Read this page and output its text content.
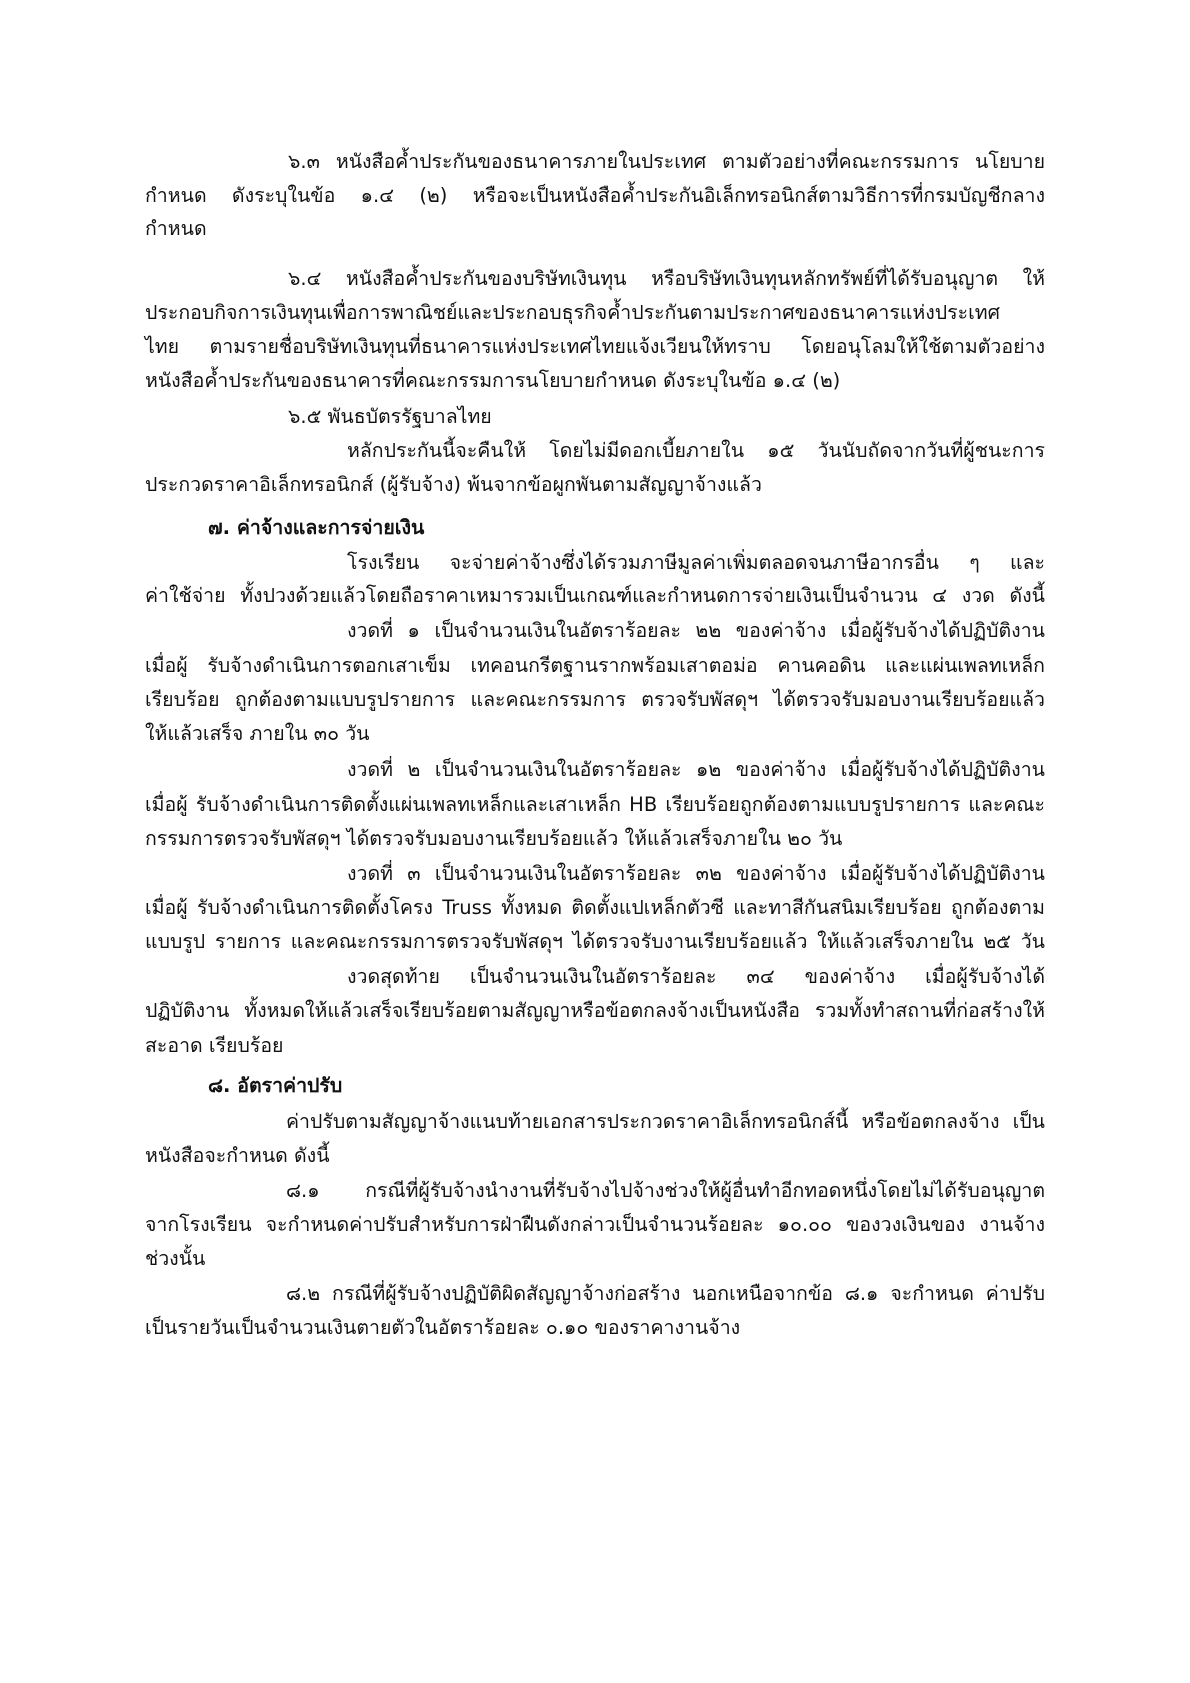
๖.๓ หนังสือค้ำประกันของธนาคารภายในประเทศ ตามตัวอย่างที่คณะกรรมการ นโยบาย

กำหนด ดังระบุในข้อ ๑.๔ (๒) หรือจะเป็นหนังสือค้ำประกันอิเล็กทรอนิกส์ตามวิธีการที่กรมบัญชีกลาง

กำหนด

๖.๔ หนังสือค้ำประกันของบริษัทเงินทุน หรือบริษัทเงินทุนหลักทรัพย์ที่ได้รับอนุญาต ให้

ประกอบกิจการเงินทุนเพื่อการพาณิชย์และประกอบธุรกิจค้ำประกันตามประกาศของธนาคารแห่งประเทศ

ไทย ตามรายชื่อบริษัทเงินทุนที่ธนาคารแห่งประเทศไทยแจ้งเวียนให้ทราบ โดยอนุโลมให้ใช้ตามตัวอย่าง

หนังสือค้ำประกันของธนาคารที่คณะกรรมการนโยบายกำหนด ดังระบุในข้อ ๑.๔ (๒)

๖.๕ พันธบัตรรัฐบาลไทย

หลักประกันนี้จะคืนให้ โดยไม่มีดอกเบี้ยภายใน ๑๕ วันนับถัดจากวันที่ผู้ชนะการ

ประกวดราคาอิเล็กทรอนิกส์ (ผู้รับจ้าง) พ้นจากข้อผูกพันตามสัญญาจ้างแล้ว

๗. ค่าจ้างและการจ่ายเงิน

โรงเรียน จะจ่ายค่าจ้างซึ่งได้รวมภาษีมูลค่าเพิ่มตลอดจนภาษีอากรอื่น ๆ และ

ค่าใช้จ่าย ทั้งปวงด้วยแล้วโดยถือราคาเหมารวมเป็นเกณฑ์และกำหนดการจ่ายเงินเป็นจำนวน ๔ งวด ดังนี้

งวดที่ ๑ เป็นจำนวนเงินในอัตราร้อยละ ๒๒ ของค่าจ้าง เมื่อผู้รับจ้างได้ปฏิบัติงาน

เมื่อผู้ รับจ้างดำเนินการตอกเสาเข็ม เทคอนกรีตฐานรากพร้อมเสาตอม่อ คานคอดิน และแผ่นเพลทเหล็ก

เรียบร้อย ถูกต้องตามแบบรูปรายการ และคณะกรรมการ ตรวจรับพัสดุฯ ได้ตรวจรับมอบงานเรียบร้อยแล้ว

ให้แล้วเสร็จ ภายใน ๓๐ วัน

งวดที่ ๒ เป็นจำนวนเงินในอัตราร้อยละ ๑๒ ของค่าจ้าง เมื่อผู้รับจ้างได้ปฏิบัติงาน

เมื่อผู้ รับจ้างดำเนินการติดตั้งแผ่นเพลทเหล็กและเสาเหล็ก HB เรียบร้อยถูกต้องตามแบบรูปรายการ และคณะ

กรรมการตรวจรับพัสดุฯ ได้ตรวจรับมอบงานเรียบร้อยแล้ว ให้แล้วเสร็จภายใน ๒๐ วัน

งวดที่ ๓ เป็นจำนวนเงินในอัตราร้อยละ ๓๒ ของค่าจ้าง เมื่อผู้รับจ้างได้ปฏิบัติงาน

เมื่อผู้ รับจ้างดำเนินการติดตั้งโครง Truss ทั้งหมด ติดตั้งแปเหล็กตัวซี และทาสีกันสนิมเรียบร้อย ถูกต้องตาม

แบบรูป รายการ และคณะกรรมการตรวจรับพัสดุฯ ได้ตรวจรับงานเรียบร้อยแล้ว ให้แล้วเสร็จภายใน ๒๕ วัน

งวดสุดท้าย เป็นจำนวนเงินในอัตราร้อยละ ๓๔ ของค่าจ้าง เมื่อผู้รับจ้างได้

ปฏิบัติงาน ทั้งหมดให้แล้วเสร็จเรียบร้อยตามสัญญาหรือข้อตกลงจ้างเป็นหนังสือ รวมทั้งทำสถานที่ก่อสร้างให้

สะอาด เรียบร้อย

๘. อัตราค่าปรับ

ค่าปรับตามสัญญาจ้างแนบท้ายเอกสารประกวดราคาอิเล็กทรอนิกส์นี้ หรือข้อตกลงจ้าง เป็น

หนังสือจะกำหนด ดังนี้

๘.๑ กรณีที่ผู้รับจ้างนำงานที่รับจ้างไปจ้างช่วงให้ผู้อื่นทำอีกทอดหนึ่งโดยไม่ได้รับอนุญาต

จากโรงเรียน จะกำหนดค่าปรับสำหรับการฝ่าฝืนดังกล่าวเป็นจำนวนร้อยละ ๑๐.๐๐ ของวงเงินของ งานจ้าง

ช่วงนั้น

๘.๒ กรณีที่ผู้รับจ้างปฏิบัติผิดสัญญาจ้างก่อสร้าง นอกเหนือจากข้อ ๘.๑ จะกำหนด ค่าปรับ

เป็นรายวันเป็นจำนวนเงินตายตัวในอัตราร้อยละ ๐.๑๐ ของราคางานจ้าง
